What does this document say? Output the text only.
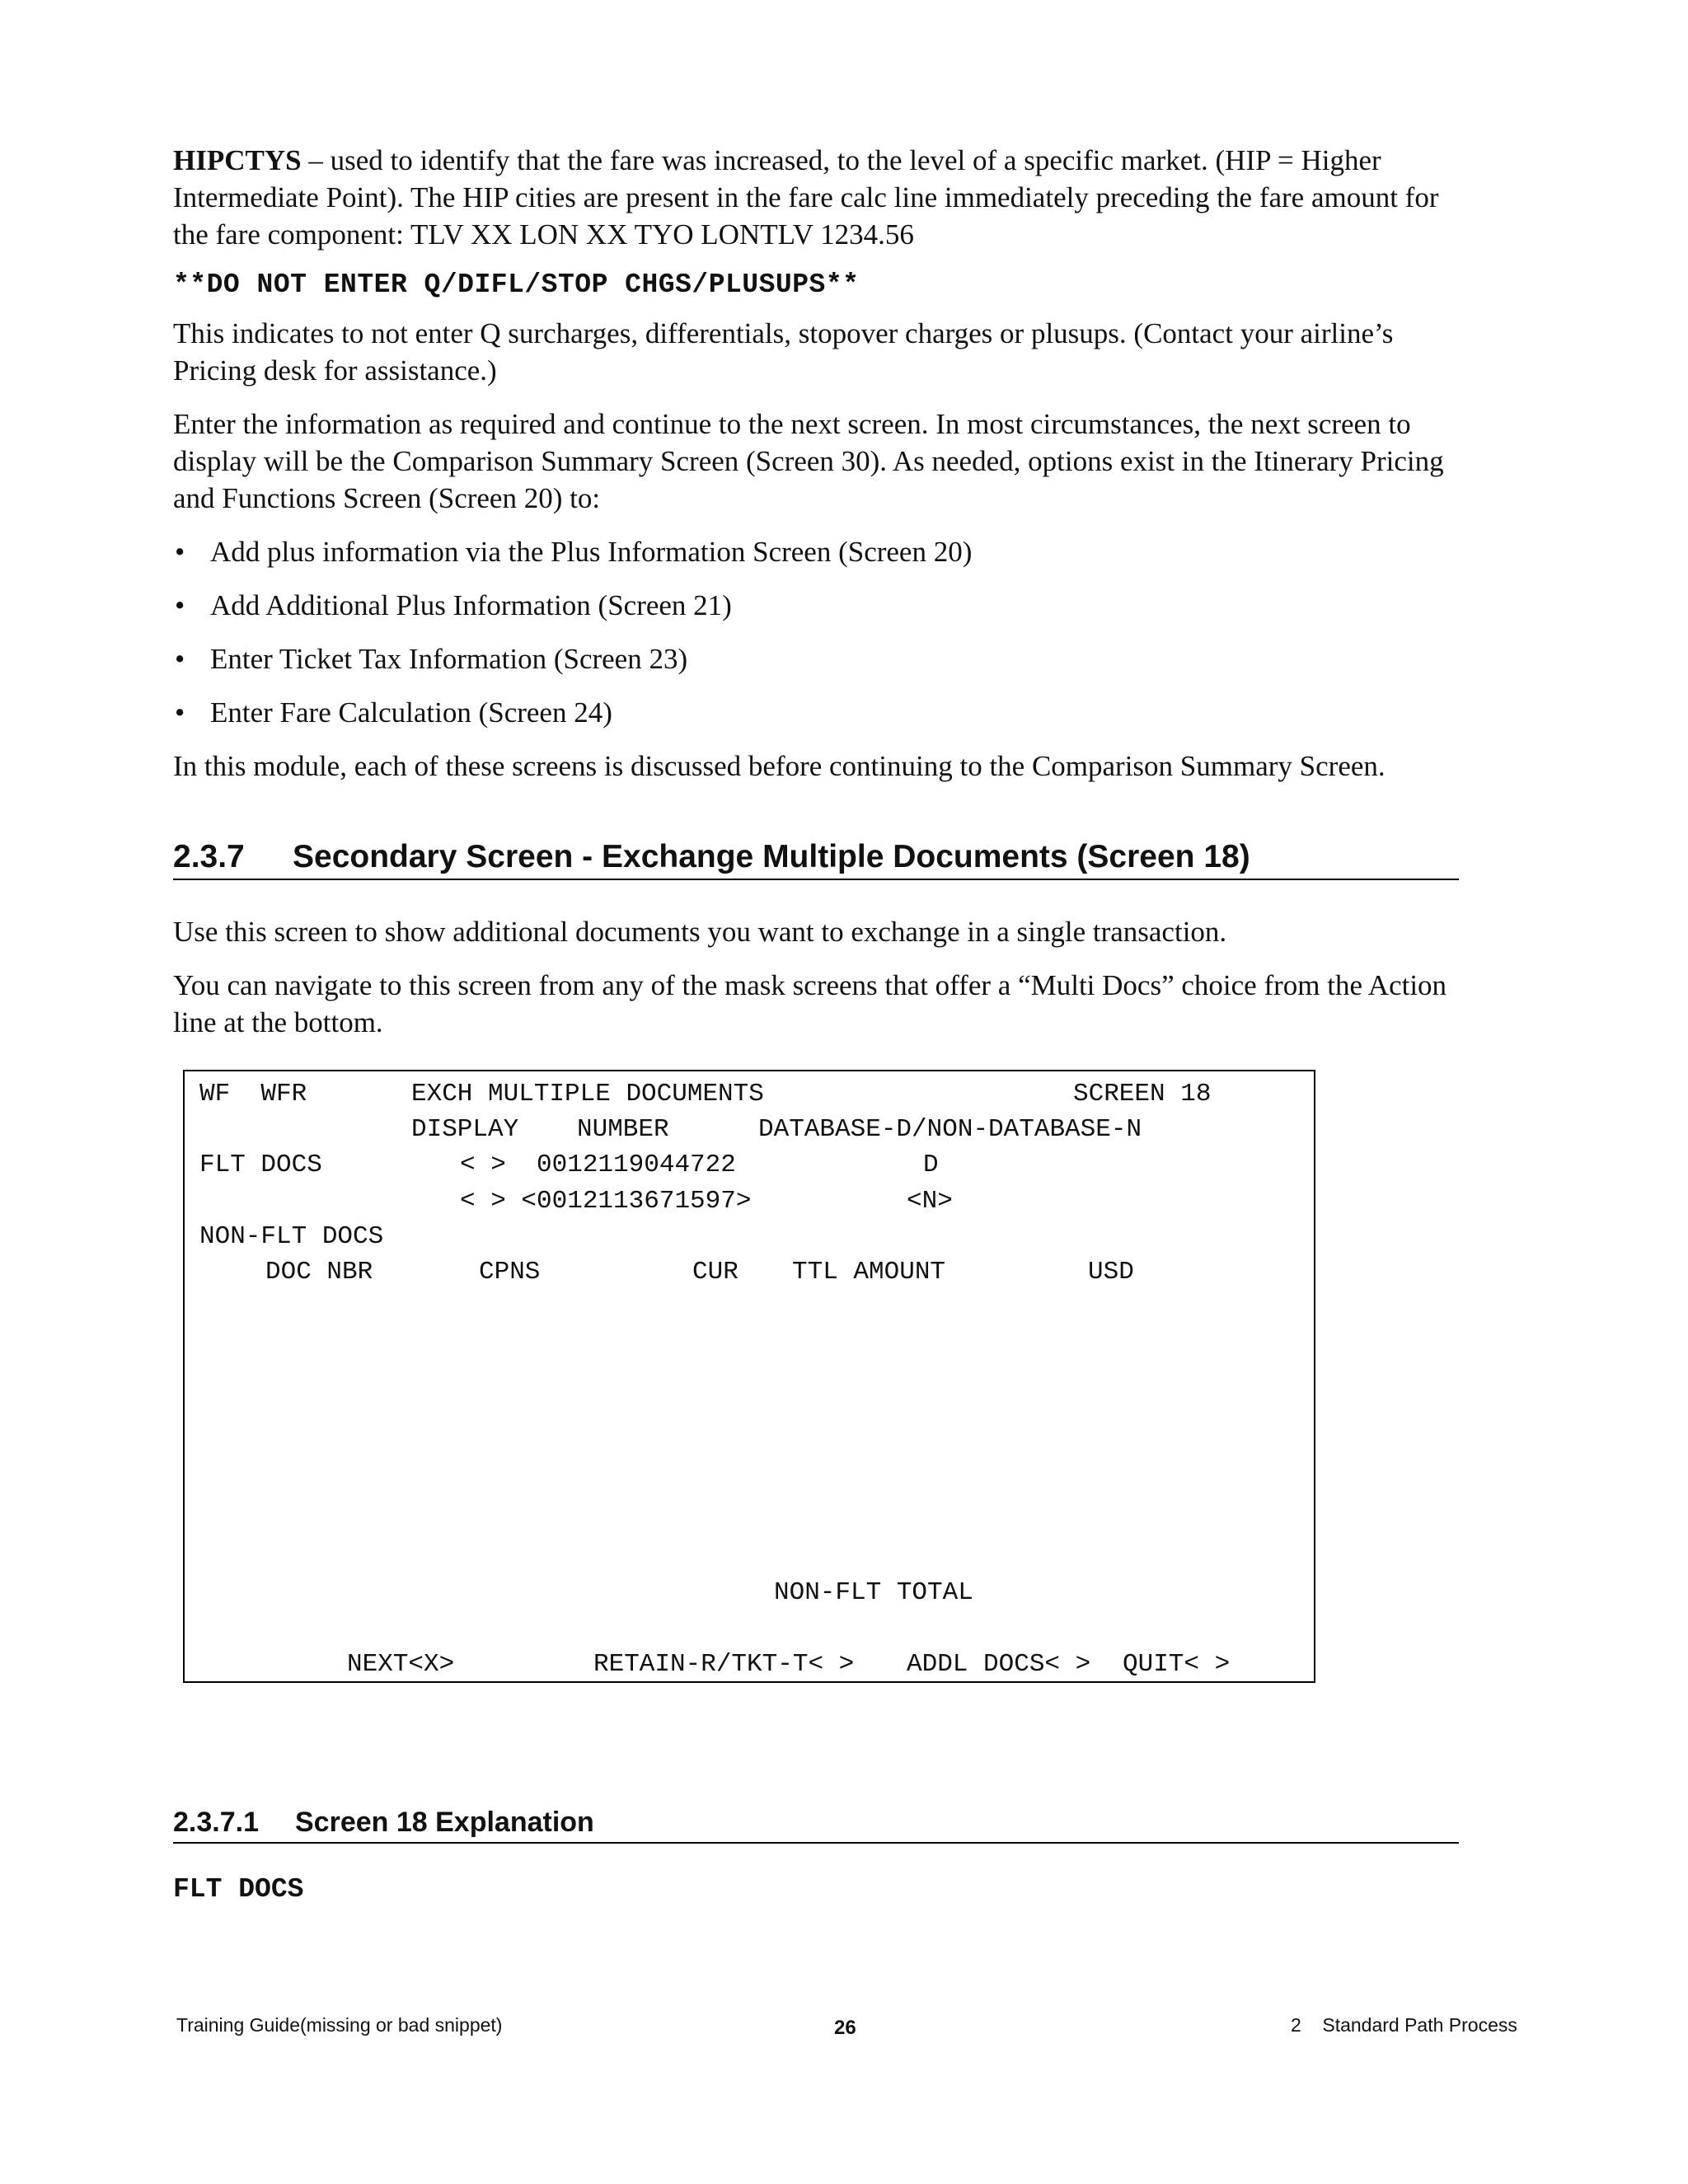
HIPCTYS – used to identify that the fare was increased, to the level of a specific market. (HIP = Higher Intermediate Point). The HIP cities are present in the fare calc line immediately preceding the fare amount for the fare component: TLV XX LON XX TYO LONTLV 1234.56

**DO NOT ENTER Q/DIFL/STOP CHGS/PLUSUPS**

This indicates to not enter Q surcharges, differentials, stopover charges or plusups. (Contact your airline’s Pricing desk for assistance.)

Enter the information as required and continue to the next screen. In most circumstances, the next screen to display will be the Comparison Summary Screen (Screen 30). As needed, options exist in the Itinerary Pricing and Functions Screen (Screen 20) to:

• Add plus information via the Plus Information Screen (Screen 20)
• Add Additional Plus Information (Screen 21)
• Enter Ticket Tax Information (Screen 23)
• Enter Fare Calculation (Screen 24)

In this module, each of these screens is discussed before continuing to the Comparison Summary Screen.

2.3.7 Secondary Screen - Exchange Multiple Documents (Screen 18)

Use this screen to show additional documents you want to exchange in a single transaction.

You can navigate to this screen from any of the mask screens that offer a “Multi Docs” choice from the Action line at the bottom.

WF  WFR	EXCH MULTIPLE DOCUMENTS	SCREEN 18
DISPLAY NUMBER	DATABASE-D/NON-DATABASE-N
FLT DOCS	< >  0012119044722	D
< > <0012113671597>	<N>
NON-FLT DOCS
DOC NBR	CPNS	CUR TTL AMOUNT	USD
NON-FLT TOTAL
NEXT<X>	RETAIN-R/TKT-T< > ADDL DOCS< > QUIT< >
2.3.7.1 Screen 18 Explanation
FLT DOCS
Training Guide(missing or bad snippet)	26	2    Standard Path Process
